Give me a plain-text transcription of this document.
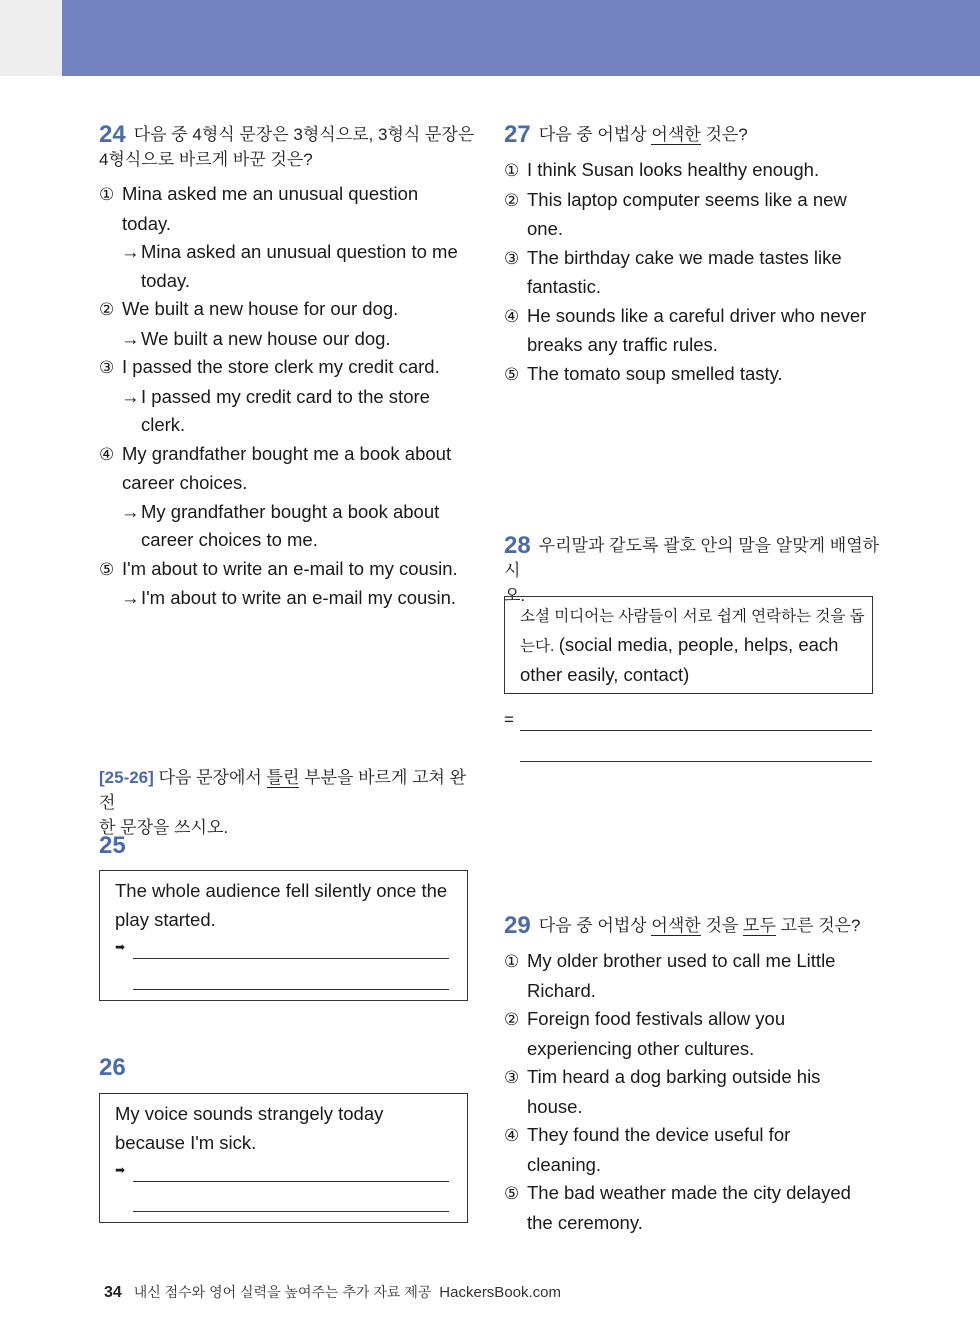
24 다음 중 4형식 문장은 3형식으로, 3형식 문장은
4형식으로 바르게 바꾼 것은?

① Mina asked me an unusual question
today.

→Mina asked an unusual question to me
today.

② We built a new house for our dog.

→We built a new house our dog.

③ I passed the store clerk my credit card.

→I passed my credit card to the store
clerk.

④ My grandfather bought me a book about
career choices.

→My grandfather bought a book about
career choices to me.

⑤ I'm about to write an e-mail to my cousin.

→I'm about to write an e-mail my cousin.

[25-26] 다음 문장에서 틀린 부분을 바르게 고쳐 완전
한 문장을 쓰시오.
25
The whole audience fell silently once the
play started.
➡
26
My voice sounds strangely today
because I'm sick.
➡
27 다음 중 어법상 어색한 것은?

① I think Susan looks healthy enough.

② This laptop computer seems like a new
one.

③ The birthday cake we made tastes like
fantastic.

④ He sounds like a careful driver who never
breaks any traffic rules.

⑤ The tomato soup smelled tasty.

28 우리말과 같도록 괄호 안의 말을 알맞게 배열하시
오.
소셜 미디어는 사람들이 서로 쉽게 연락하는 것을 돕
는다. (social media, people, helps, each
other easily, contact)
=
29 다음 중 어법상 어색한 것을 모두 고른 것은?

① My older brother used to call me Little
Richard.

② Foreign food festivals allow you
experiencing other cultures.

③ Tim heard a dog barking outside his
house.

④ They found the device useful for
cleaning.

⑤ The bad weather made the city delayed
the ceremony.

34 내신 점수와 영어 실력을 높여주는 추가 자료 제공 HackersBook.com
